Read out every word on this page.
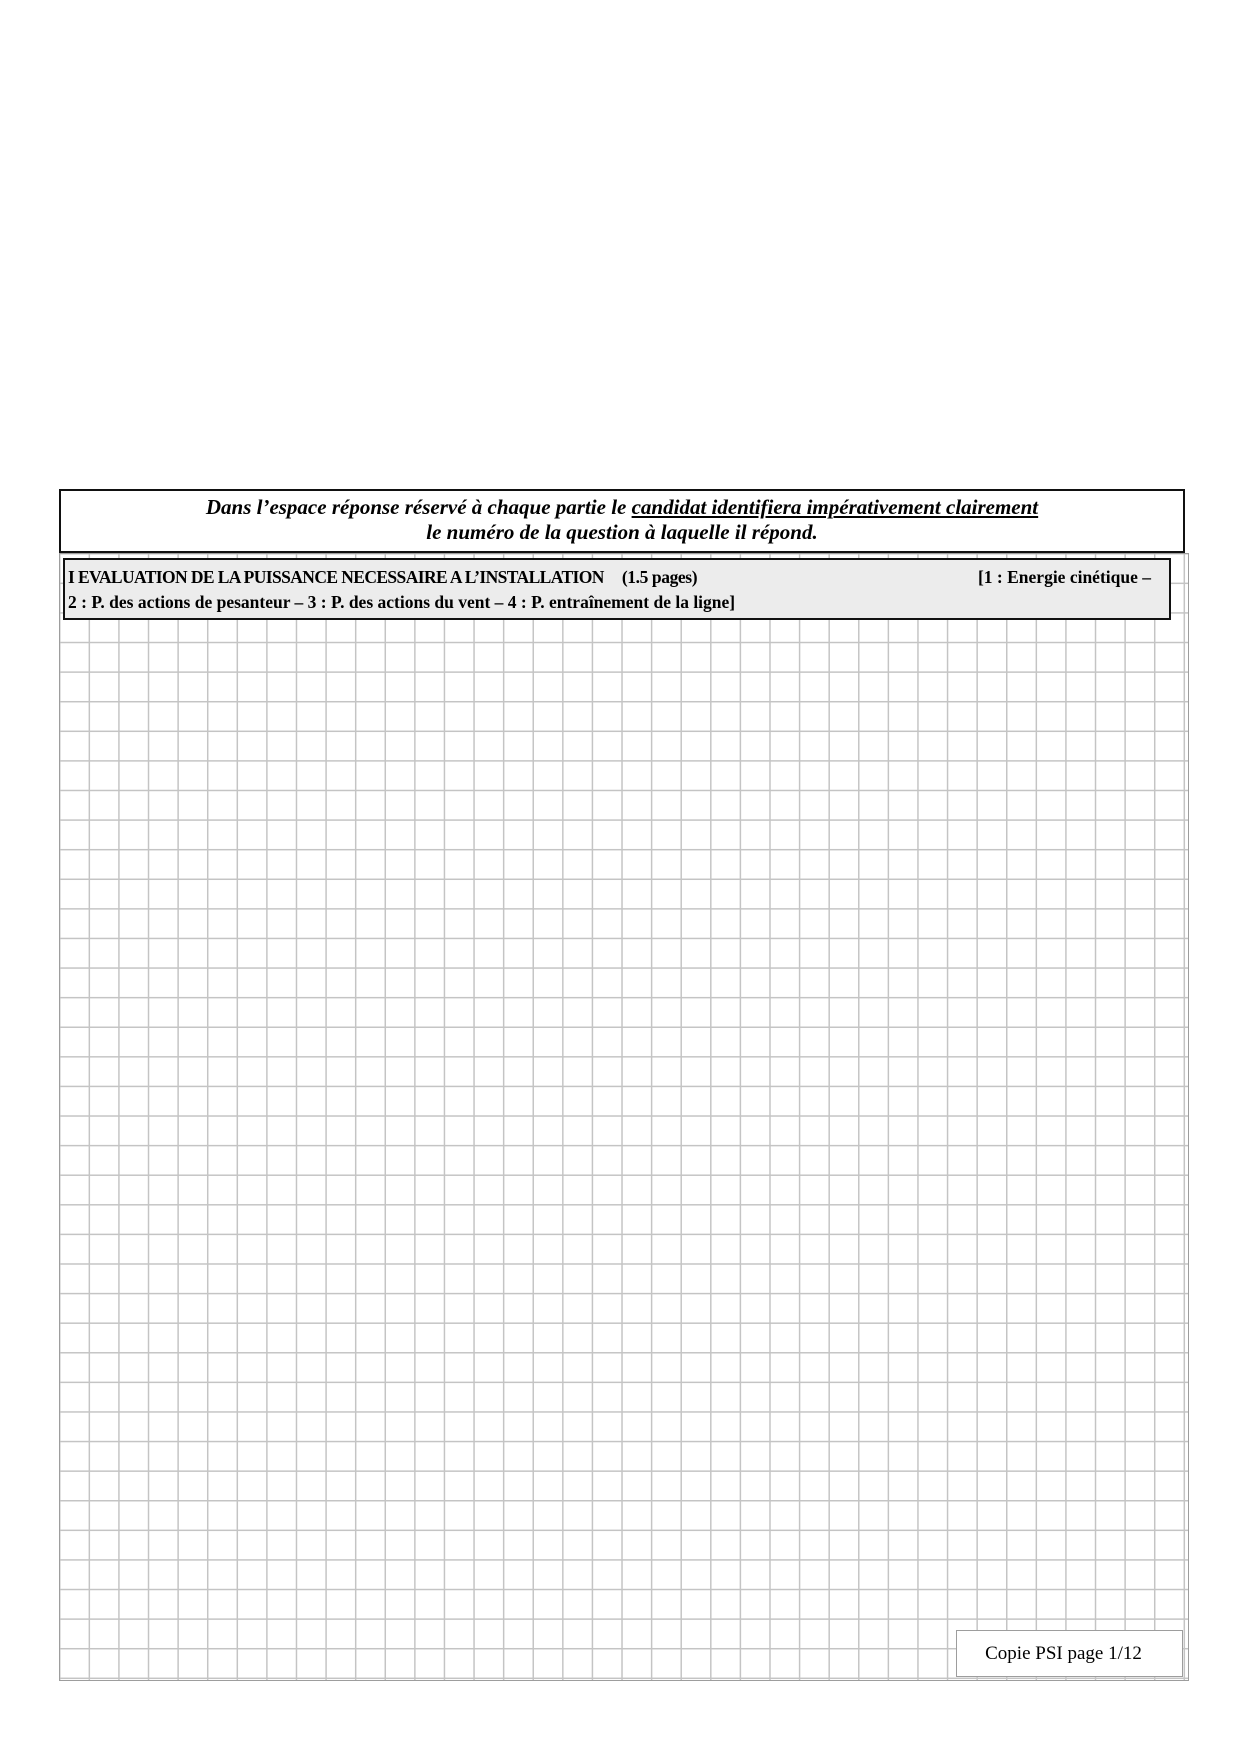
Dans l’espace réponse réservé à chaque partie le candidat identifiera impérativement clairement
le numéro de la question à laquelle il répond.
I EVALUATION DE LA PUISSANCE NECESSAIRE A L’INSTALLATION (1.5 pages)	[1 : Energie cinétique –
2 : P. des actions de pesanteur – 3 : P. des actions du vent – 4 : P. entraînement de la ligne]
Copie PSI page 1/12
